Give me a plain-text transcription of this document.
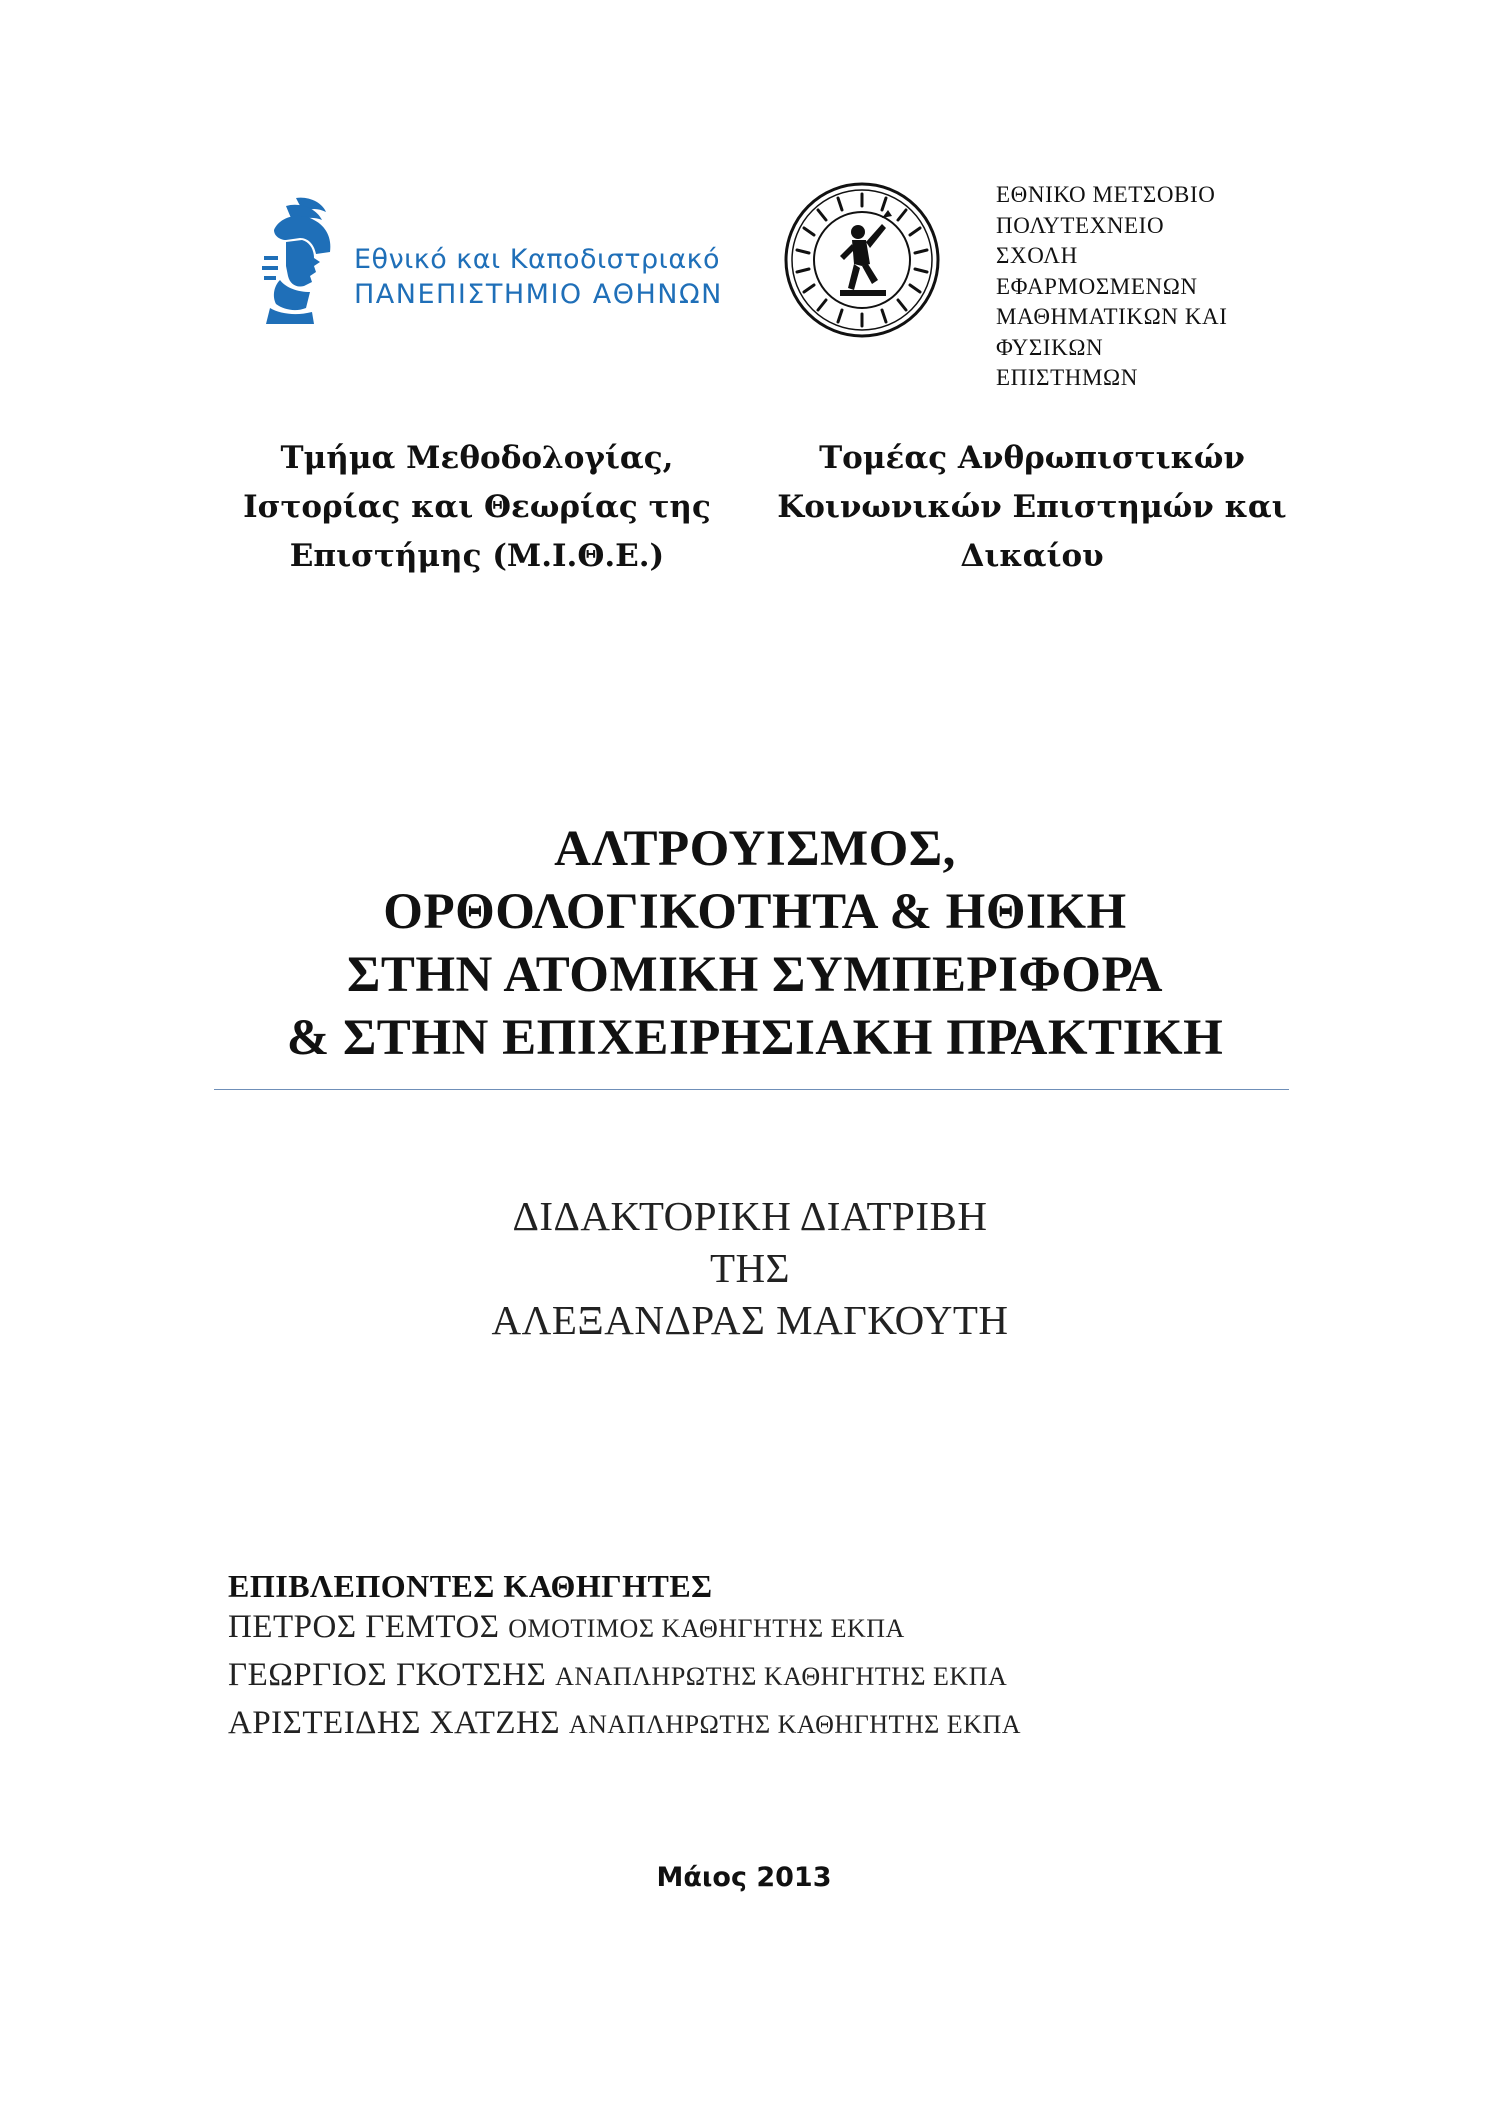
Εθνικό και Καποδιστριακό
ΠΑΝΕΠΙΣΤΗΜΙΟ ΑΘΗΝΩΝ
ΕΘΝΙΚΟ ΜΕΤΣΟΒΙΟ
ΠΟΛΥΤΕΧΝΕΙΟ
ΣΧΟΛΗ
ΕΦΑΡΜΟΣΜΕΝΩΝ
ΜΑΘΗΜΑΤΙΚΩΝ ΚΑΙ
ΦΥΣΙΚΩΝ
ΕΠΙΣΤΗΜΩΝ
Τμήμα Μεθοδολογίας,
Ιστορίας και Θεωρίας της
Επιστήμης (Μ.Ι.Θ.Ε.)
Τομέας Ανθρωπιστικών
Κοινωνικών Επιστημών και
Δικαίου
ΑΛΤΡΟΥΙΣΜΟΣ,
ΟΡΘΟΛΟΓΙΚΟΤΗΤΑ & ΗΘΙΚΗ
ΣΤΗΝ ΑΤΟΜΙΚΗ ΣΥΜΠΕΡΙΦΟΡΑ
& ΣΤΗΝ ΕΠΙΧΕΙΡΗΣΙΑΚΗ ΠΡΑΚΤΙΚΗ
ΔΙΔΑΚΤΟΡΙΚΗ ΔΙΑΤΡΙΒΗ
ΤΗΣ
ΑΛΕΞΑΝΔΡΑΣ ΜΑΓΚΟΥΤΗ
ΕΠΙΒΛΕΠΟΝΤΕΣ ΚΑΘΗΓΗΤΕΣ
ΠΕΤΡΟΣ ΓΕΜΤΟΣ ΟΜΟΤΙΜΟΣ ΚΑΘΗΓΗΤΗΣ ΕΚΠΑ
ΓΕΩΡΓΙΟΣ ΓΚΟΤΣΗΣ ΑΝΑΠΛΗΡΩΤΗΣ ΚΑΘΗΓΗΤΗΣ ΕΚΠΑ
ΑΡΙΣΤΕΙΔΗΣ ΧΑΤΖΗΣ ΑΝΑΠΛΗΡΩΤΗΣ ΚΑΘΗΓΗΤΗΣ ΕΚΠΑ
Μάιος 2013
